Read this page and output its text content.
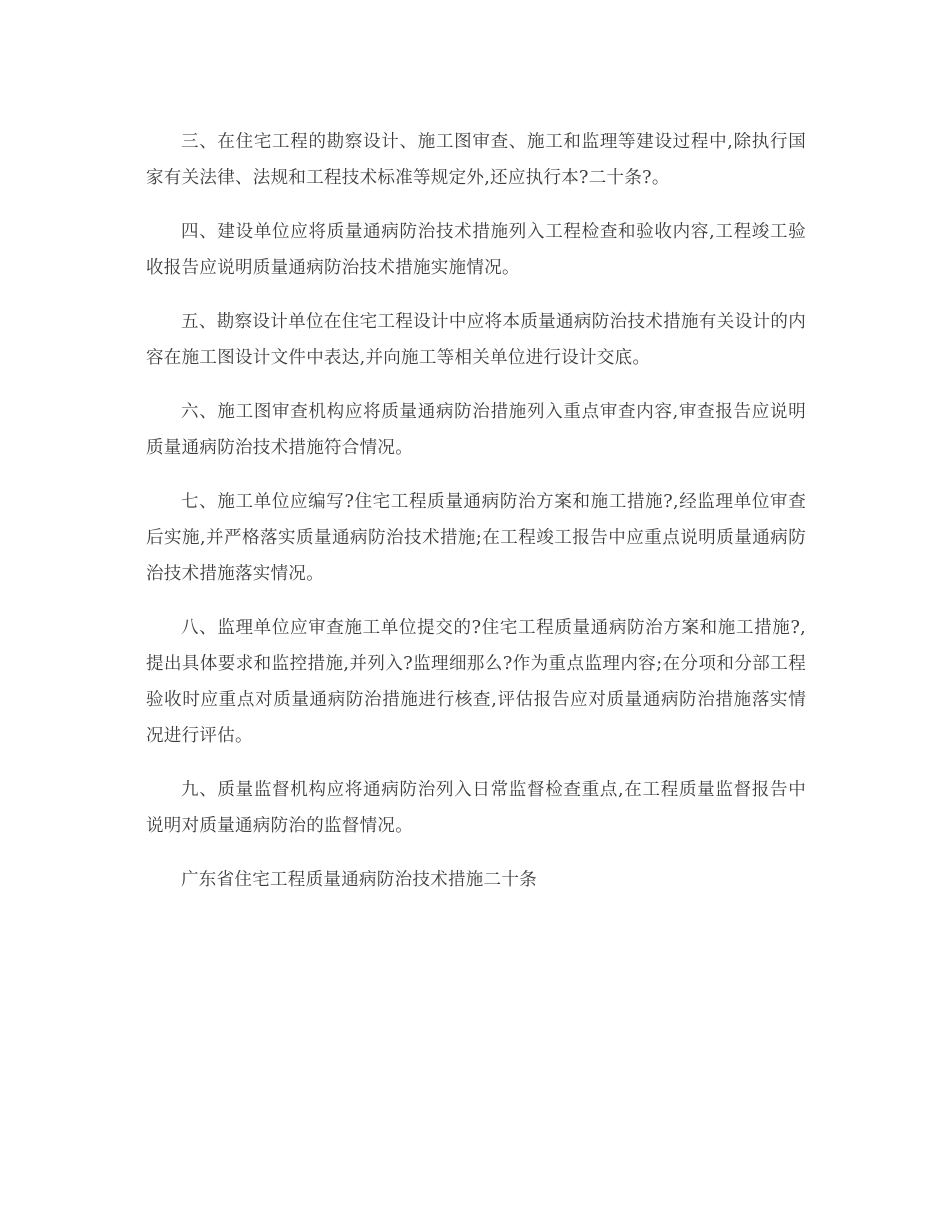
三、在住宅工程的勘察设计、施工图审查、施工和监理等建设过程中,除执行国家有关法律、法规和工程技术标准等规定外,还应执行本?二十条?。

四、建设单位应将质量通病防治技术措施列入工程检查和验收内容,工程竣工验收报告应说明质量通病防治技术措施实施情况。

五、勘察设计单位在住宅工程设计中应将本质量通病防治技术措施有关设计的内容在施工图设计文件中表达,并向施工等相关单位进行设计交底。

六、施工图审查机构应将质量通病防治措施列入重点审查内容,审查报告应说明质量通病防治技术措施符合情况。

七、施工单位应编写?住宅工程质量通病防治方案和施工措施?,经监理单位审查后实施,并严格落实质量通病防治技术措施;在工程竣工报告中应重点说明质量通病防治技术措施落实情况。

八、监理单位应审查施工单位提交的?住宅工程质量通病防治方案和施工措施?,提出具体要求和监控措施,并列入?监理细那么?作为重点监理内容;在分项和分部工程验收时应重点对质量通病防治措施进行核查,评估报告应对质量通病防治措施落实情况进行评估。

九、质量监督机构应将通病防治列入日常监督检查重点,在工程质量监督报告中说明对质量通病防治的监督情况。

广东省住宅工程质量通病防治技术措施二十条
